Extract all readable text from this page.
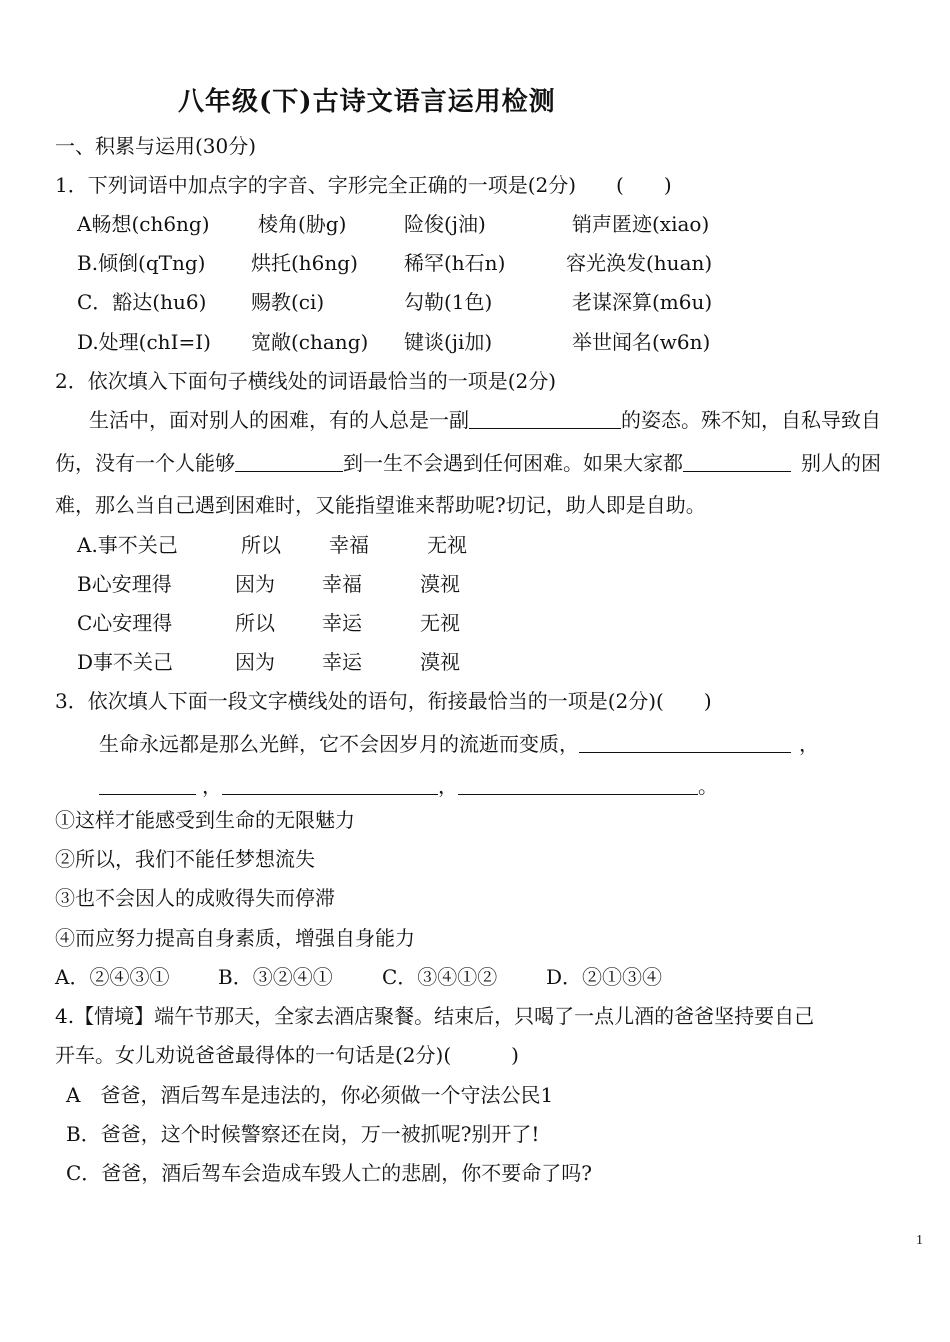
八年级(下)古诗文语言运用检测
一、积累与运用(30分)
1．下列词语中加点字的字音、字形完全正确的一项是(2分)　　(　　)
A畅想(ch6ng) 棱角(胁g)	险俊(j油)	销声匿迹(xiao)
B.倾倒(qTng) 烘托(h6ng) 稀罕(h石n)	容光涣发(huan)
C．豁达(hu6) 赐教(ci)	勾勒(1色)	老谋深算(m6u)
D.处理(chI=I) 宽敞(chang) 键谈(ji加)	举世闻名(w6n)
2．依次填入下面句子横线处的词语最恰当的一项是(2分)
生活中，面对别人的困难，有的人总是一副	的姿态。殊不知，自私导致自
伤，没有一个人能够	到一生不会遇到任何困难。如果大家都	别人的困
难，那么当自己遇到困难时，又能指望谁来帮助呢?切记，助人即是自助。
A.事不关己	所以 幸福	无视
B心安理得	因为 幸福	漠视
C心安理得	所以 幸运	无视
D事不关己	因为 幸运	漠视
3．依次填人下面一段文字横线处的语句，衔接最恰当的一项是(2分)(　　)
生命永远都是那么光鲜，它不会因岁月的流逝而变质，	，
，	，	。
①这样才能感受到生命的无限魅力
②所以，我们不能任梦想流失
③也不会因人的成败得失而停滞
④而应努力提高自身素质，增强自身能力
A．②④③① B．③②④① C．③④①② D．②①③④
4.【情境】端午节那天，全家去酒店聚餐。结束后，只喝了一点儿酒的爸爸坚持要自己
开车。女儿劝说爸爸最得体的一句话是(2分)(　　　)
A　爸爸，酒后驾车是违法的，你必须做一个守法公民1
B．爸爸，这个时候警察还在岗，万一被抓呢?别开了!
C．爸爸，酒后驾车会造成车毁人亡的悲剧，你不要命了吗?
1
